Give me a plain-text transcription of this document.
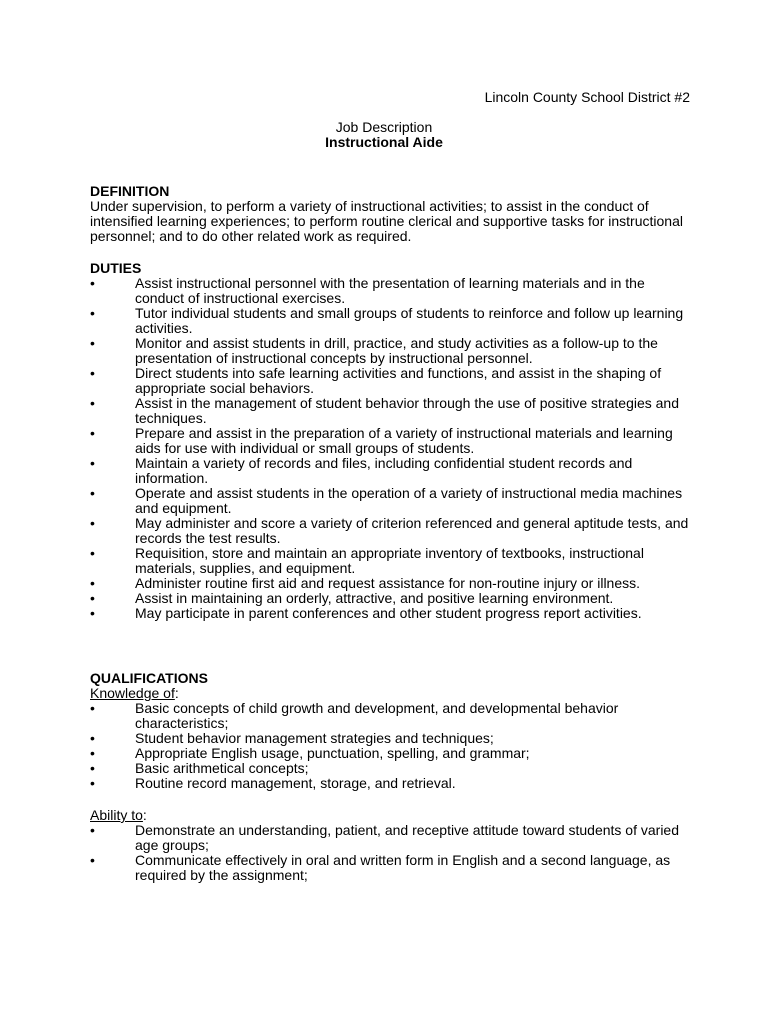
Lincoln County School District #2
Job Description
Instructional Aide
DEFINITION

Under supervision, to perform a variety of instructional activities; to assist in the conduct of intensified learning experiences; to perform routine clerical and supportive tasks for instructional personnel; and to do other related work as required.

DUTIES
•	Assist instructional personnel with the presentation of learning materials and in the conduct of instructional exercises.
•	Tutor individual students and small groups of students to reinforce and follow up learning activities.
•	Monitor and assist students in drill, practice, and study activities as a follow-up to the presentation of instructional concepts by instructional personnel.
•	Direct students into safe learning activities and functions, and assist in the shaping of appropriate social behaviors.
•	Assist in the management of student behavior through the use of positive strategies and techniques.
•	Prepare and assist in the preparation of a variety of instructional materials and learning aids for use with individual or small groups of students.
•	Maintain a variety of records and files, including confidential student records and information.
•	Operate and assist students in the operation of a variety of instructional media machines and equipment.
•	May administer and score a variety of criterion referenced and general aptitude tests, and records the test results.
•	Requisition, store and maintain an appropriate inventory of textbooks, instructional materials, supplies, and equipment.
•	Administer routine first aid and request assistance for non-routine injury or illness.
•	Assist in maintaining an orderly, attractive, and positive learning environment.
•	May participate in parent conferences and other student progress report activities.
QUALIFICATIONS
Knowledge of:
•	Basic concepts of child growth and development, and developmental behavior characteristics;
•	Student behavior management strategies and techniques;
•	Appropriate English usage, punctuation, spelling, and grammar;
•	Basic arithmetical concepts;
•	Routine record management, storage, and retrieval.
Ability to:
•	Demonstrate an understanding, patient, and receptive attitude toward students of varied age groups;
•	Communicate effectively in oral and written form in English and a second language, as required by the assignment;
